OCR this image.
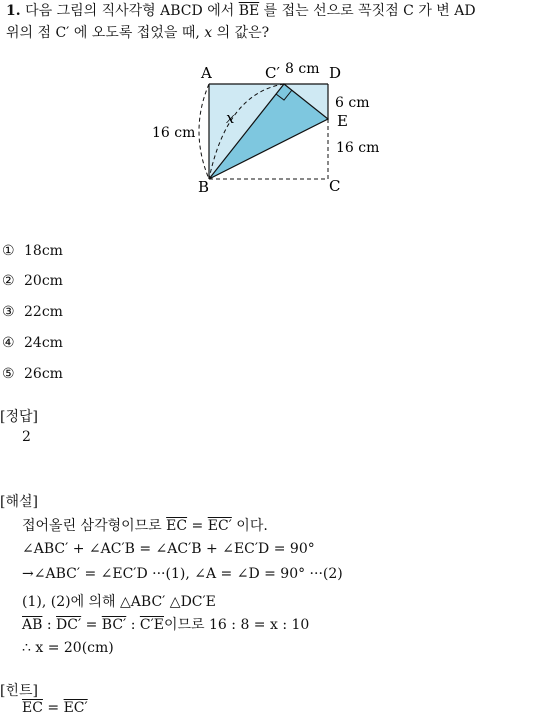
1. 다음 그림의 직사각형 ABCD 에서 $\overline{BE}$ 를 접는 선으로 꼭짓점 C 가 변 AD
위의 점 C′ 에 오도록 접었을 때, x 의 값은?
A
B	C
D
E
C′
x
8 cm
6 cm
16 cm
16 cm
① 18cm
② 20cm
③ 22cm
④ 24cm
⑤ 26cm
[정답]
2
[해설]
접어올린 삼각형이므로 $\overline{EC} = EC'$ 이다.
∠ABC′ + ∠AC′B = ∠AC′B + ∠EC′D = 90°
→∠ABC′ = ∠EC′D ···(1), ∠A = ∠D = 90° ···(2)
(1), (2)에 의해 △ABC′ △DC′E
$\overline{AB}$ : DC′ = BC′ : C′E이므로 16 : 8 = x : 10
∴ x = 20(cm)
[힌트]
$\overline{EC} = EC'$
